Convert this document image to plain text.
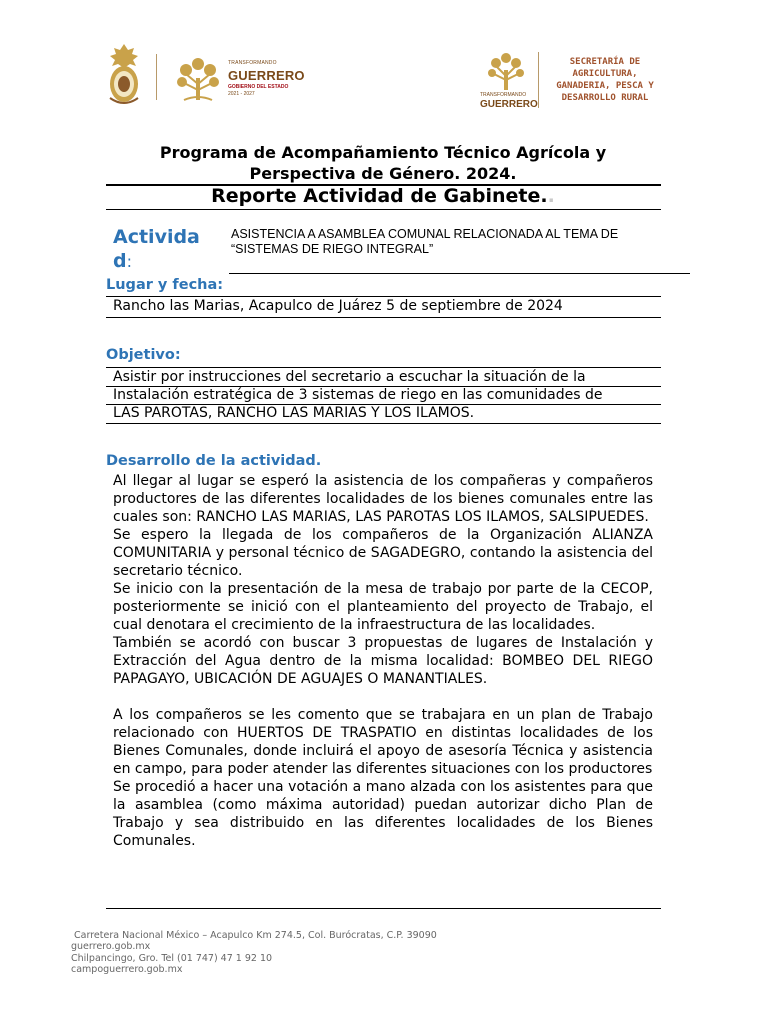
TRANSFORMANDO
GUERRERO
GOBIERNO DEL ESTADO
2021 - 2027	TRANSFORMANDO
GUERRERO
SECRETARÍA DE
AGRICULTURA,
GANADERIA, PESCA Y
DESARROLLO RURAL
Programa de Acompañamiento Técnico Agrícola y
Perspectiva de Género. 2024.
Reporte Actividad de Gabinete..
Activida
d:
ASISTENCIA A ASAMBLEA COMUNAL RELACIONADA AL TEMA DE
“SISTEMAS DE RIEGO INTEGRAL”
Lugar y fecha:
Rancho las Marias, Acapulco de Juárez 5 de septiembre de 2024
Objetivo:
Asistir por instrucciones del secretario a escuchar la situación de la
Instalación estratégica de 3 sistemas de riego en las comunidades de
LAS PAROTAS, RANCHO LAS MARIAS Y LOS ILAMOS.
Desarrollo de la actividad.

Al llegar al lugar se esperó la asistencia de los compañeras y compañeros productores de las diferentes localidades de los bienes comunales entre las cuales son: RANCHO LAS MARIAS, LAS PAROTAS LOS ILAMOS, SALSIPUEDES.

Se espero la llegada de los compañeros de la Organización ALIANZA COMUNITARIA y personal técnico de SAGADEGRO, contando la asistencia del secretario técnico.

Se inicio con la presentación de la mesa de trabajo por parte de la CECOP, posteriormente se inició con el planteamiento del proyecto de Trabajo, el cual denotara el crecimiento de la infraestructura de las localidades.

También se acordó con buscar 3 propuestas de lugares de Instalación y Extracción del Agua dentro de la misma localidad: BOMBEO DEL RIEGO PAPAGAYO, UBICACIÓN DE AGUAJES O MANANTIALES.

A los compañeros se les comento que se trabajara en un plan de Trabajo relacionado con HUERTOS DE TRASPATIO en distintas localidades de los Bienes Comunales, donde incluirá el apoyo de asesoría Técnica y asistencia en campo, para poder atender las diferentes situaciones con los productores

Se procedió a hacer una votación a mano alzada con los asistentes para que la asamblea (como máxima autoridad) puedan autorizar dicho Plan de Trabajo y sea distribuido en las diferentes localidades de los Bienes Comunales.

Carretera Nacional México – Acapulco Km 274.5, Col. Burócratas, C.P. 39090
guerrero.gob.mx
Chilpancingo, Gro. Tel (01 747) 47 1 92 10
campoguerrero.gob.mx
